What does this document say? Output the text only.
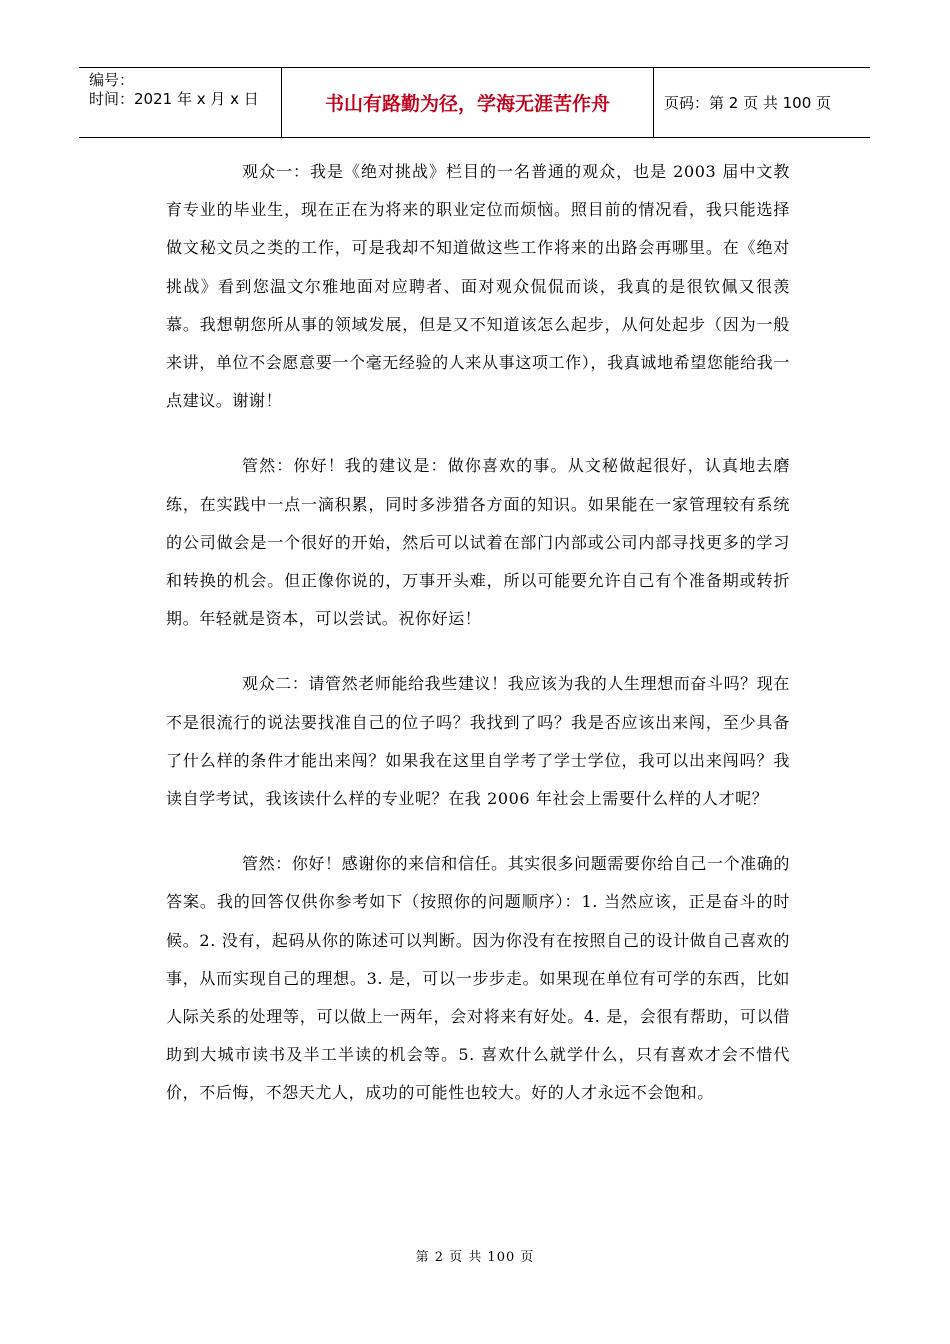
编号：
时间：2021 年 x 月 x 日	书山有路勤为径，学海无涯苦作舟	页码：第 2 页 共 100 页

观众一：我是《绝对挑战》栏目的一名普通的观众，也是 2003 届中文教育专业的毕业生，现在正在为将来的职业定位而烦恼。照目前的情况看，我只能选择做文秘文员之类的工作，可是我却不知道做这些工作将来的出路会再哪里。在《绝对挑战》看到您温文尔雅地面对应聘者、面对观众侃侃而谈，我真的是很钦佩又很羡慕。我想朝您所从事的领域发展，但是又不知道该怎么起步，从何处起步（因为一般来讲，单位不会愿意要一个毫无经验的人来从事这项工作），我真诚地希望您能给我一点建议。谢谢！

管然：你好！我的建议是：做你喜欢的事。从文秘做起很好，认真地去磨练，在实践中一点一滴积累，同时多涉猎各方面的知识。如果能在一家管理较有系统的公司做会是一个很好的开始，然后可以试着在部门内部或公司内部寻找更多的学习和转换的机会。但正像你说的，万事开头难，所以可能要允许自己有个准备期或转折期。年轻就是资本，可以尝试。祝你好运！

观众二：请管然老师能给我些建议！我应该为我的人生理想而奋斗吗？现在不是很流行的说法要找准自己的位子吗？我找到了吗？我是否应该出来闯，至少具备了什么样的条件才能出来闯？如果我在这里自学考了学士学位，我可以出来闯吗？我读自学考试，我该读什么样的专业呢？在我 2006 年社会上需要什么样的人才呢？

管然：你好！感谢你的来信和信任。其实很多问题需要你给自己一个准确的答案。我的回答仅供你参考如下（按照你的问题顺序）：1. 当然应该，正是奋斗的时候。2. 没有，起码从你的陈述可以判断。因为你没有在按照自己的设计做自己喜欢的事，从而实现自己的理想。3. 是，可以一步步走。如果现在单位有可学的东西，比如人际关系的处理等，可以做上一两年，会对将来有好处。4. 是，会很有帮助，可以借助到大城市读书及半工半读的机会等。5. 喜欢什么就学什么，只有喜欢才会不惜代价，不后悔，不怨天尤人，成功的可能性也较大。好的人才永远不会饱和。

第 2 页 共 100 页
